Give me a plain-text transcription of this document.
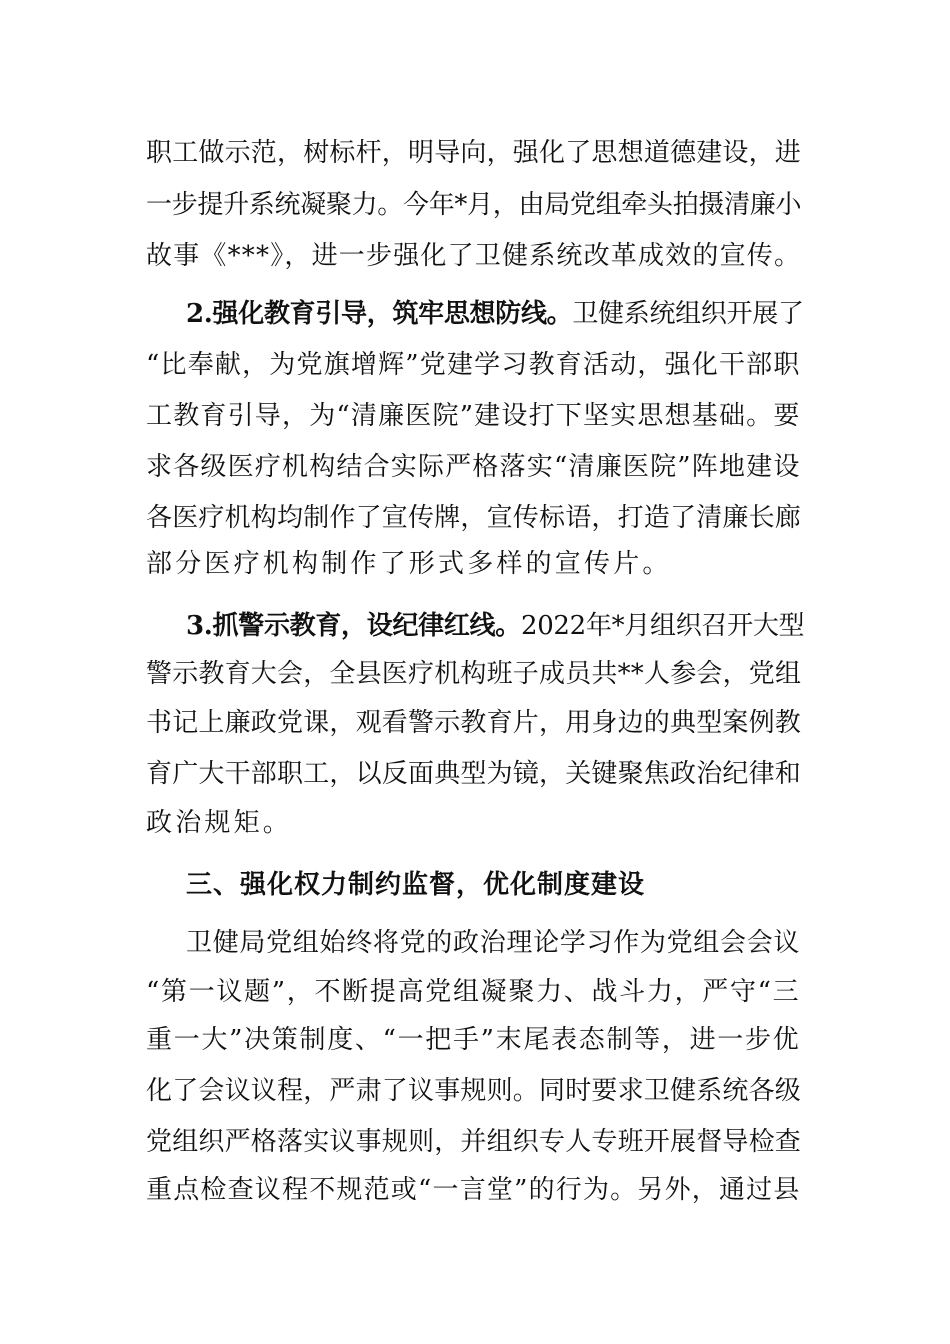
职工做示范，树标杆，明导向，强化了思想道德建设，进
一步提升系统凝聚力。今年*月，由局党组牵头拍摄清廉小
故事《***》，进一步强化了卫健系统改革成效的宣传。
2.强化教育引导，筑牢思想防线。卫健系统组织开展了
“比奉献，为党旗增辉”党建学习教育活动，强化干部职
工教育引导，为“清廉医院”建设打下坚实思想基础。要
求各级医疗机构结合实际严格落实“清廉医院”阵地建设
各医疗机构均制作了宣传牌，宣传标语，打造了清廉长廊
部分医疗机构制作了形式多样的宣传片。
3.抓警示教育，设纪律红线。2022年*月组织召开大型
警示教育大会，全县医疗机构班子成员共**人参会，党组
书记上廉政党课，观看警示教育片，用身边的典型案例教
育广大干部职工，以反面典型为镜，关键聚焦政治纪律和
政治规矩。
三、强化权力制约监督，优化制度建设
卫健局党组始终将党的政治理论学习作为党组会会议
“第一议题”，不断提高党组凝聚力、战斗力，严守“三
重一大”决策制度、“一把手”末尾表态制等，进一步优
化了会议议程，严肃了议事规则。同时要求卫健系统各级
党组织严格落实议事规则，并组织专人专班开展督导检查
重点检查议程不规范或“一言堂”的行为。另外，通过县
